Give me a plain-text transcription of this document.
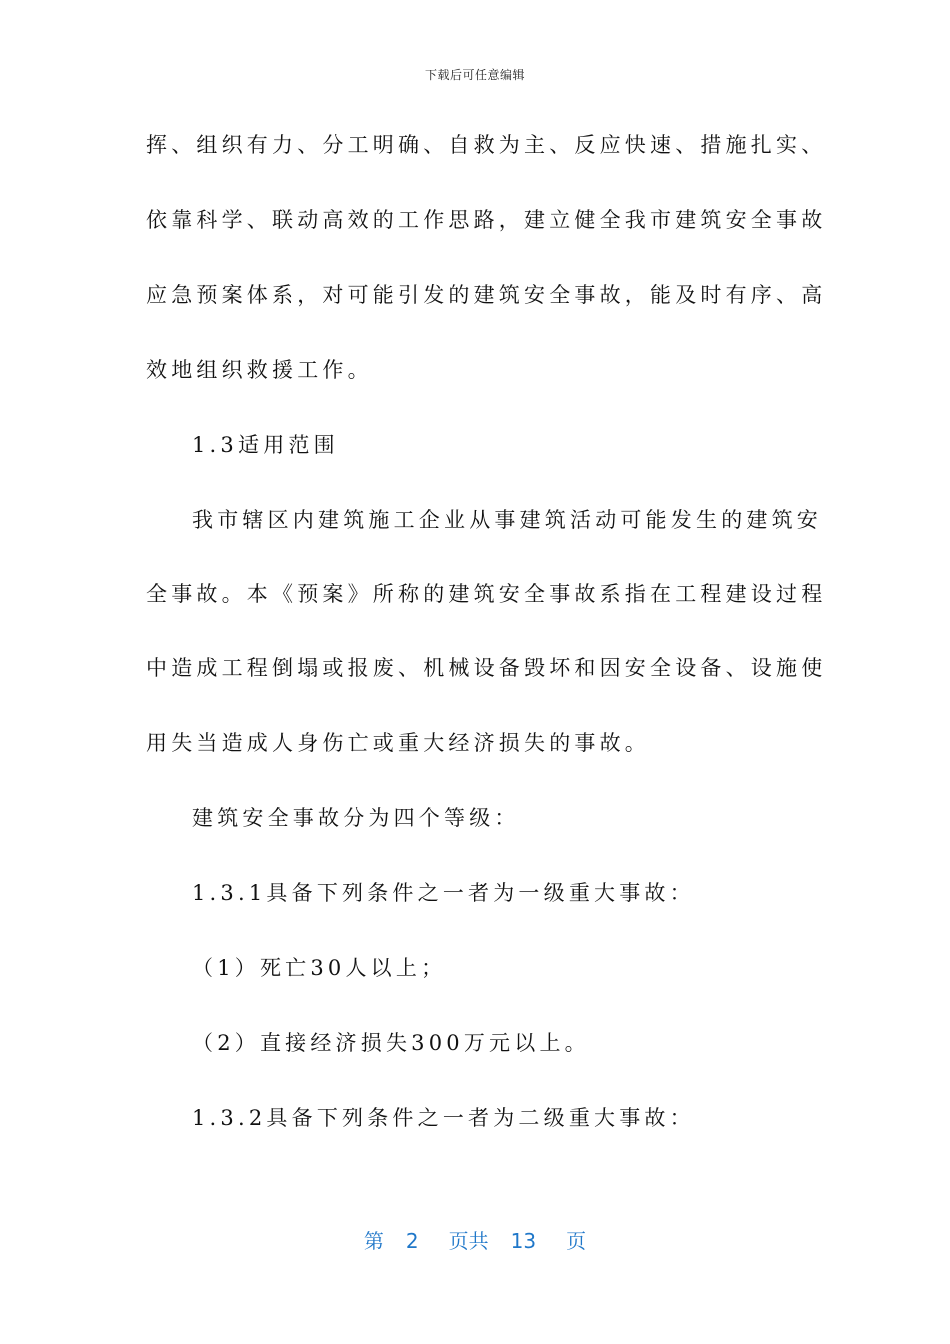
下载后可任意编辑
挥、组织有力、分工明确、自救为主、反应快速、措施扎实、
依靠科学、联动高效的工作思路，建立健全我市建筑安全事故
应急预案体系，对可能引发的建筑安全事故，能及时有序、高
效地组织救援工作。
1.3适用范围
我市辖区内建筑施工企业从事建筑活动可能发生的建筑安
全事故。本《预案》所称的建筑安全事故系指在工程建设过程
中造成工程倒塌或报废、机械设备毁坏和因安全设备、设施使
用失当造成人身伤亡或重大经济损失的事故。
建筑安全事故分为四个等级：
1.3.1具备下列条件之一者为一级重大事故：
（1）死亡30人以上；
（2）直接经济损失300万元以上。
1.3.2具备下列条件之一者为二级重大事故：
第 2 页共 13 页
